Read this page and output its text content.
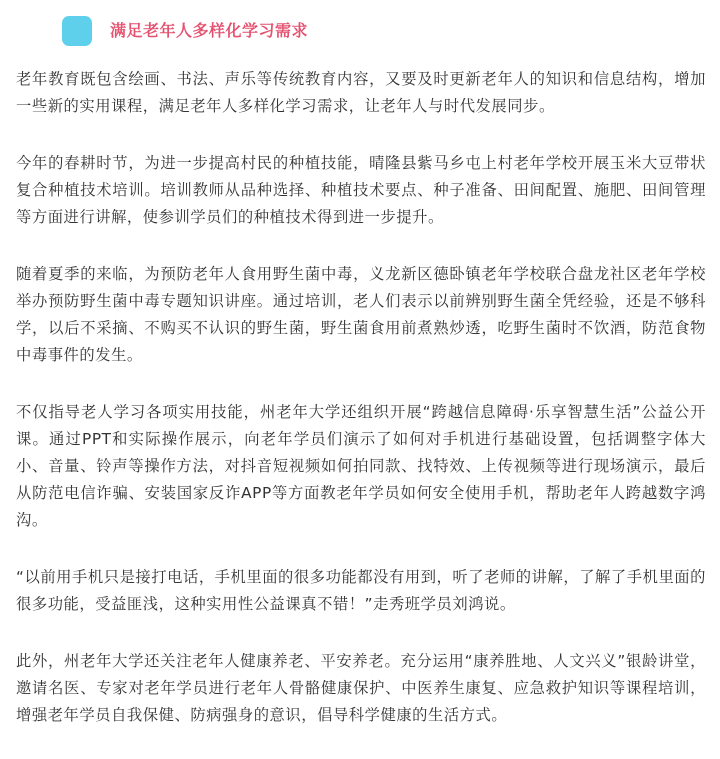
满足老年人多样化学习需求

老年教育既包含绘画、书法、声乐等传统教育内容，又要及时更新老年人的知识和信息结构，增加一些新的实用课程，满足老年人多样化学习需求，让老年人与时代发展同步。

今年的春耕时节，为进一步提高村民的种植技能，晴隆县紫马乡屯上村老年学校开展玉米大豆带状复合种植技术培训。培训教师从品种选择、种植技术要点、种子准备、田间配置、施肥、田间管理等方面进行讲解，使参训学员们的种植技术得到进一步提升。

随着夏季的来临，为预防老年人食用野生菌中毒，义龙新区德卧镇老年学校联合盘龙社区老年学校举办预防野生菌中毒专题知识讲座。通过培训，老人们表示以前辨别野生菌全凭经验，还是不够科学，以后不采摘、不购买不认识的野生菌，野生菌食用前煮熟炒透，吃野生菌时不饮酒，防范食物中毒事件的发生。

不仅指导老人学习各项实用技能，州老年大学还组织开展“跨越信息障碍·乐享智慧生活”公益公开课。通过PPT和实际操作展示，向老年学员们演示了如何对手机进行基础设置，包括调整字体大小、音量、铃声等操作方法，对抖音短视频如何拍同款、找特效、上传视频等进行现场演示，最后从防范电信诈骗、安装国家反诈APP等方面教老年学员如何安全使用手机，帮助老年人跨越数字鸿沟。

“以前用手机只是接打电话，手机里面的很多功能都没有用到，听了老师的讲解，了解了手机里面的很多功能，受益匪浅，这种实用性公益课真不错！”走秀班学员刘鸿说。

此外，州老年大学还关注老年人健康养老、平安养老。充分运用“康养胜地、人文兴义”银龄讲堂，邀请名医、专家对老年学员进行老年人骨骼健康保护、中医养生康复、应急救护知识等课程培训，增强老年学员自我保健、防病强身的意识，倡导科学健康的生活方式。
